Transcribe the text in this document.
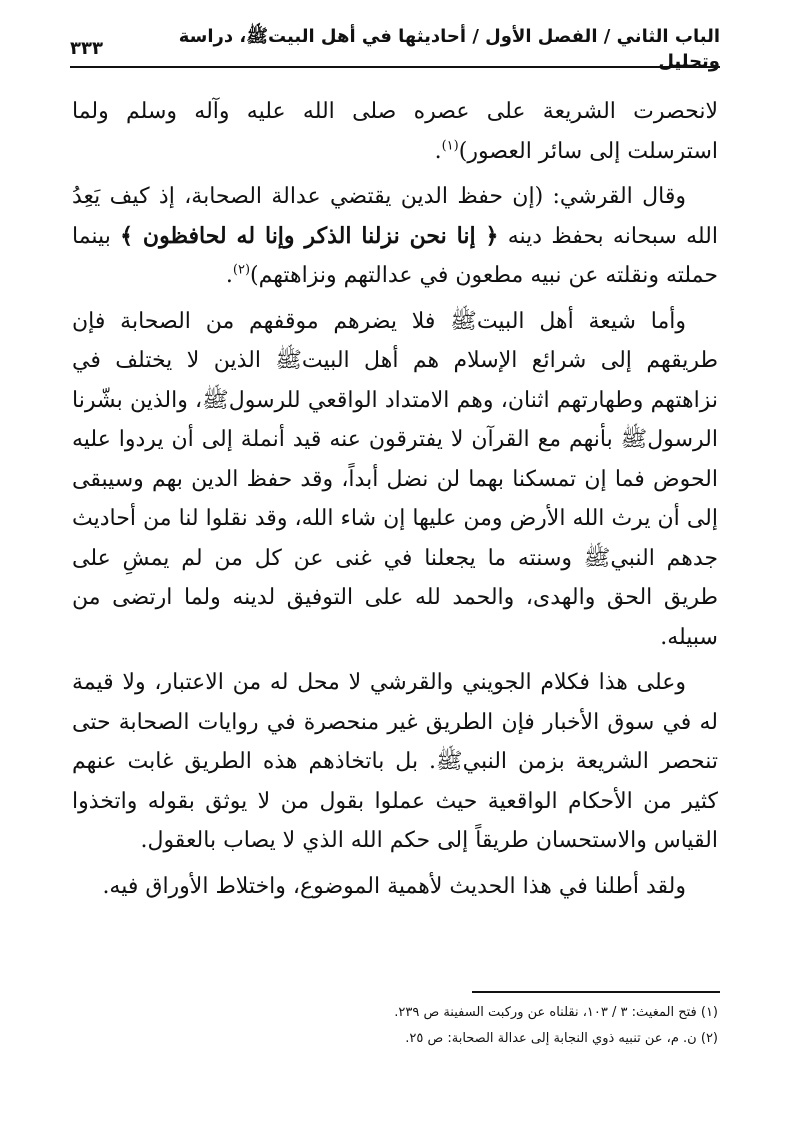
الباب الثاني / الفصل الأول / أحاديثها في أهل البيتﷺ، دراسة وتحليل
٣٣٣

لانحصرت الشريعة على عصره صلى الله عليه وآله وسلم ولما استرسلت إلى سائر العصور)$^{(١)}$.

وقال القرشي: (إن حفظ الدين يقتضي عدالة الصحابة، إذ كيف يَعِدُ الله سبحانه بحفظ دينه ﴿ إنا نحن نزلنا الذكر وإنا له لحافظون ﴾ بينما حملته ونقلته عن نبيه مطعون في عدالتهم ونزاهتهم)$^{(٢)}$.

وأما شيعة أهل البيتﷺ فلا يضرهم موقفهم من الصحابة فإن طريقهم إلى شرائع الإسلام هم أهل البيتﷺ الذين لا يختلف في نزاهتهم وطهارتهم اثنان، وهم الامتداد الواقعي للرسولﷺ، والذين بشّرنا الرسولﷺ بأنهم مع القرآن لا يفترقون عنه قيد أنملة إلى أن يردوا عليه الحوض فما إن تمسكنا بهما لن نضل أبداً، وقد حفظ الدين بهم وسيبقى إلى أن يرث الله الأرض ومن عليها إن شاء الله، وقد نقلوا لنا من أحاديث جدهم النبيﷺ وسنته ما يجعلنا في غنى عن كل من لم يمشِ على طريق الحق والهدى، والحمد لله على التوفيق لدينه ولما ارتضى من سبيله.

وعلى هذا فكلام الجويني والقرشي لا محل له من الاعتبار، ولا قيمة له في سوق الأخبار فإن الطريق غير منحصرة في روايات الصحابة حتى تنحصر الشريعة بزمن النبيﷺ. بل باتخاذهم هذه الطريق غابت عنهم كثير من الأحكام الواقعية حيث عملوا بقول من لا يوثق بقوله واتخذوا القياس والاستحسان طريقاً إلى حكم الله الذي لا يصاب بالعقول.

ولقد أطلنا في هذا الحديث لأهمية الموضوع، واختلاط الأوراق فيه.

(١) فتح المغيث: ٣ / ١٠٣، نقلناه عن وركبت السفينة ص ٢٣٩.
(٢) ن. م، عن تنبيه ذوي النجابة إلى عدالة الصحابة: ص ٢٥.
